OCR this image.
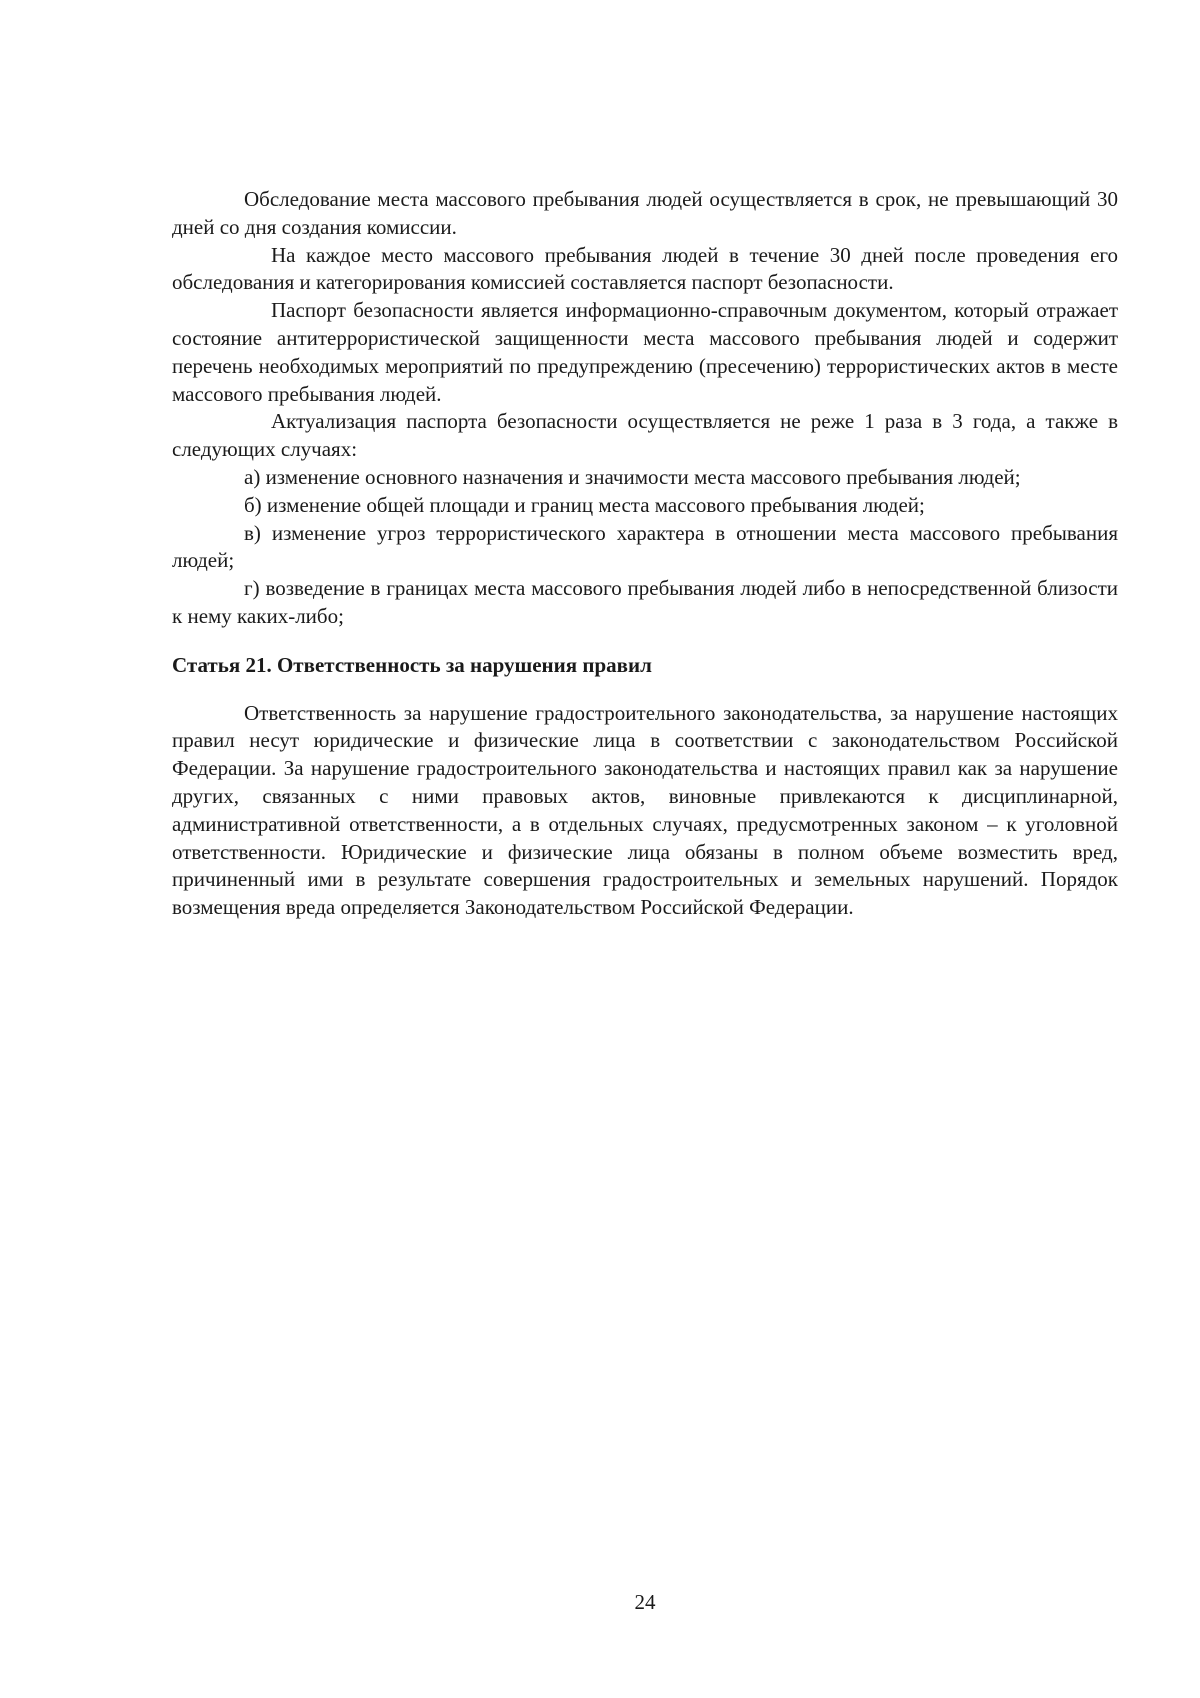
Обследование места массового пребывания людей осуществляется в срок, не превышающий 30 дней со дня создания комиссии.

На каждое место массового пребывания людей в течение 30 дней после проведения его обследования и категорирования комиссией составляется паспорт безопасности.

Паспорт безопасности является информационно-справочным документом, который отражает состояние антитеррористической защищенности места массового пребывания людей и содержит перечень необходимых мероприятий по предупреждению (пресечению) террористических актов в месте массового пребывания людей.

Актуализация паспорта безопасности осуществляется не реже 1 раза в 3 года, а также в следующих случаях:

а) изменение основного назначения и значимости места массового пребывания людей;

б) изменение общей площади и границ места массового пребывания людей;

в) изменение угроз террористического характера в отношении места массового пребывания людей;

г) возведение в границах места массового пребывания людей либо в непосредственной близости к нему каких-либо;

Статья 21. Ответственность за нарушения правил

Ответственность за нарушение градостроительного законодательства, за нарушение настоящих правил несут юридические и физические лица в соответствии с законодательством Российской Федерации. За нарушение градостроительного законодательства и настоящих правил как за нарушение других, связанных с ними правовых актов, виновные привлекаются к дисциплинарной, административной ответственности, а в отдельных случаях, предусмотренных законом – к уголовной ответственности. Юридические и физические лица обязаны в полном объеме возместить вред, причиненный ими в результате совершения градостроительных и земельных нарушений. Порядок возмещения вреда определяется Законодательством Российской Федерации.

24
